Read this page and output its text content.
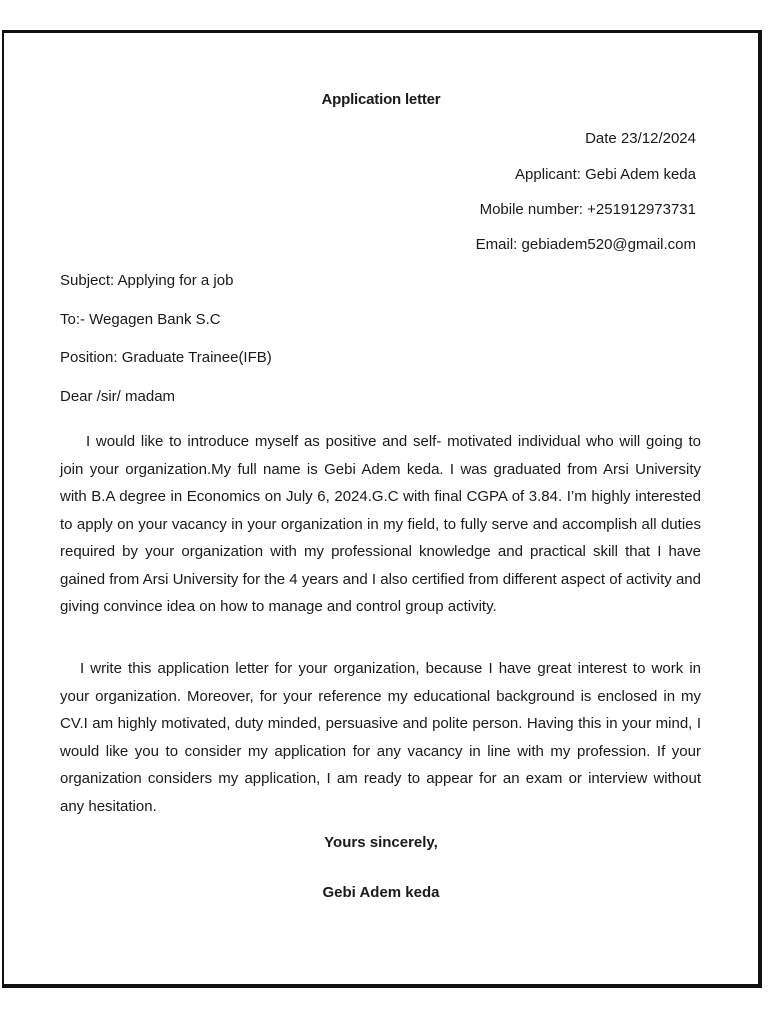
Application letter
Date 23/12/2024
Applicant: Gebi Adem keda
Mobile number: +251912973731
Email: gebiadem520@gmail.com
Subject: Applying for a job
To:- Wegagen Bank S.C
Position: Graduate Trainee(IFB)
Dear /sir/ madam

I would like to introduce myself as positive and self- motivated individual who will going to join your organization.My full name is Gebi Adem keda. I was graduated from Arsi University with B.A degree in Economics on July 6, 2024.G.C with final CGPA of 3.84. I’m highly interested to apply on your vacancy in your organization in my field, to fully serve and accomplish all duties required by your organization with my professional knowledge and practical skill that I have gained from Arsi University for the 4 years and I also certified from different aspect of activity and giving convince idea on how to manage and control group activity.

I write this application letter for your organization, because I have great interest to work in your organization. Moreover, for your reference my educational background is enclosed in my CV.I am highly motivated, duty minded, persuasive and polite person. Having this in your mind, I would like you to consider my application for any vacancy in line with my profession. If your organization considers my application, I am ready to appear for an exam or interview without any hesitation.

Yours sincerely,
Gebi Adem keda
